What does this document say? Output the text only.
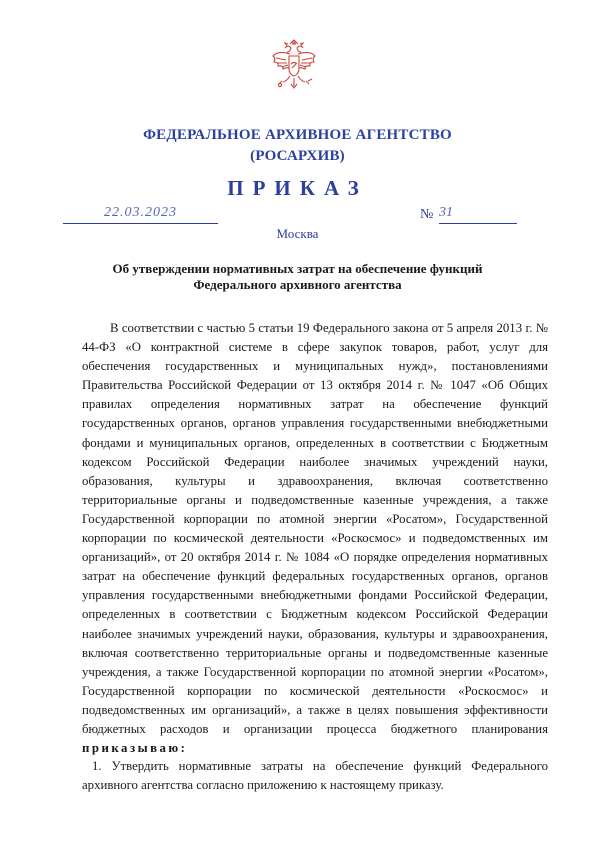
ФЕДЕРАЛЬНОЕ АРХИВНОЕ АГЕНТСТВО
(РОСАРХИВ)
ПРИКАЗ
22.03.2023	№ 31
Москва
Об утверждении нормативных затрат на обеспечение функций
Федерального архивного агентства

В соответствии с частью 5 статьи 19 Федерального закона от 5 апреля 2013 г. № 44-ФЗ «О контрактной системе в сфере закупок товаров, работ, услуг для обеспечения государственных и муниципальных нужд», постановлениями Правительства Российской Федерации от 13 октября 2014 г. № 1047 «Об Общих правилах определения нормативных затрат на обеспечение функций государственных органов, органов управления государственными внебюджетными фондами и муниципальных органов, определенных в соответствии с Бюджетным кодексом Российской Федерации наиболее значимых учреждений науки, образования, культуры и здравоохранения, включая соответственно территориальные органы и подведомственные казенные учреждения, а также Государственной корпорации по атомной энергии «Росатом», Государственной корпорации по космической деятельности «Роскосмос» и подведомственных им организаций», от 20 октября 2014 г. № 1084 «О порядке определения нормативных затрат на обеспечение функций федеральных государственных органов, органов управления государственными внебюджетными фондами Российской Федерации, определенных в соответствии с Бюджетным кодексом Российской Федерации наиболее значимых учреждений науки, образования, культуры и здравоохранения, включая соответственно территориальные органы и подведомственные казенные учреждения, а также Государственной корпорации по атомной энергии «Росатом», Государственной корпорации по космической деятельности «Роскосмос» и подведомственных им организаций», а также в целях повышения эффективности бюджетных расходов и организации процесса бюджетного планирования приказываю:

1. Утвердить нормативные затраты на обеспечение функций Федерального архивного агентства согласно приложению к настоящему приказу.
